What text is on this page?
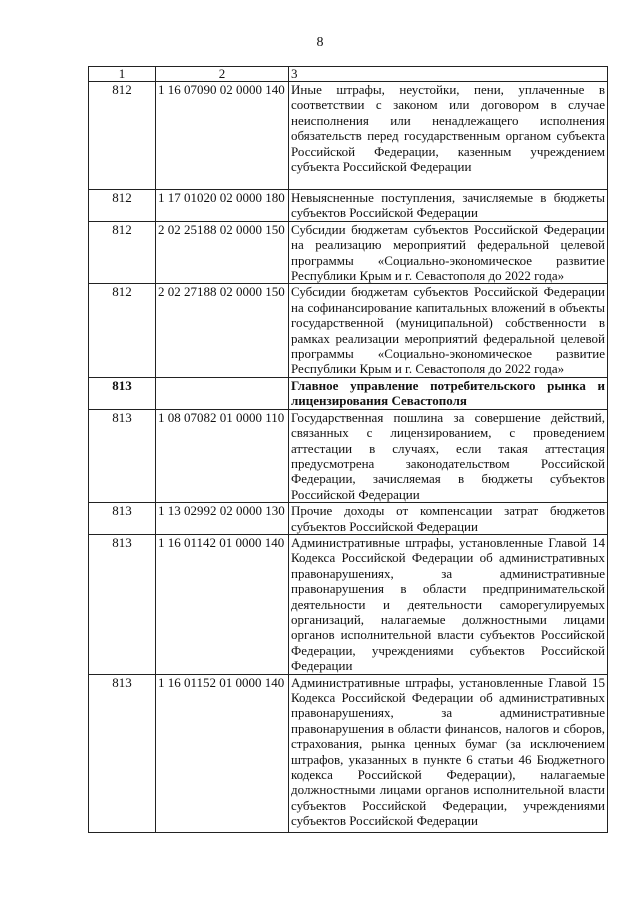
8
1	2	3
812	1 16 07090 02 0000 140	Иные штрафы, неустойки, пени, уплаченные в соответствии с законом или договором в случае неисполнения или ненадлежащего исполнения обязательств перед государственным органом субъекта Российской Федерации, казенным учреждением субъекта Российской Федерации
812	1 17 01020 02 0000 180	Невыясненные поступления, зачисляемые в бюджеты субъектов Российской Федерации
812	2 02 25188 02 0000 150	Субсидии бюджетам субъектов Российской Федерации на реализацию мероприятий федеральной целевой программы «Социально-экономическое развитие Республики Крым и г. Севастополя до 2022 года»
812	2 02 27188 02 0000 150	Субсидии бюджетам субъектов Российской Федерации на софинансирование капитальных вложений в объекты государственной (муниципальной) собственности в рамках реализации мероприятий федеральной целевой программы «Социально-экономическое развитие Республики Крым и г. Севастополя до 2022 года»
813		Главное управление потребительского рынка и лицензирования Севастополя
813	1 08 07082 01 0000 110	Государственная пошлина за совершение действий, связанных с лицензированием, с проведением аттестации в случаях, если такая аттестация предусмотрена законодательством Российской Федерации, зачисляемая в бюджеты субъектов Российской Федерации
813	1 13 02992 02 0000 130	Прочие доходы от компенсации затрат бюджетов субъектов Российской Федерации
813	1 16 01142 01 0000 140	Административные штрафы, установленные Главой 14 Кодекса Российской Федерации об административных правонарушениях, за административные правонарушения в области предпринимательской деятельности и деятельности саморегулируемых организаций, налагаемые должностными лицами органов исполнительной власти субъектов Российской Федерации, учреждениями субъектов Российской Федерации
813	1 16 01152 01 0000 140	Административные штрафы, установленные Главой 15 Кодекса Российской Федерации об административных правонарушениях, за административные правонарушения в области финансов, налогов и сборов, страхования, рынка ценных бумаг (за исключением штрафов, указанных в пункте 6 статьи 46 Бюджетного кодекса Российской Федерации), налагаемые должностными лицами органов исполнительной власти субъектов Российской Федерации, учреждениями субъектов Российской Федерации
